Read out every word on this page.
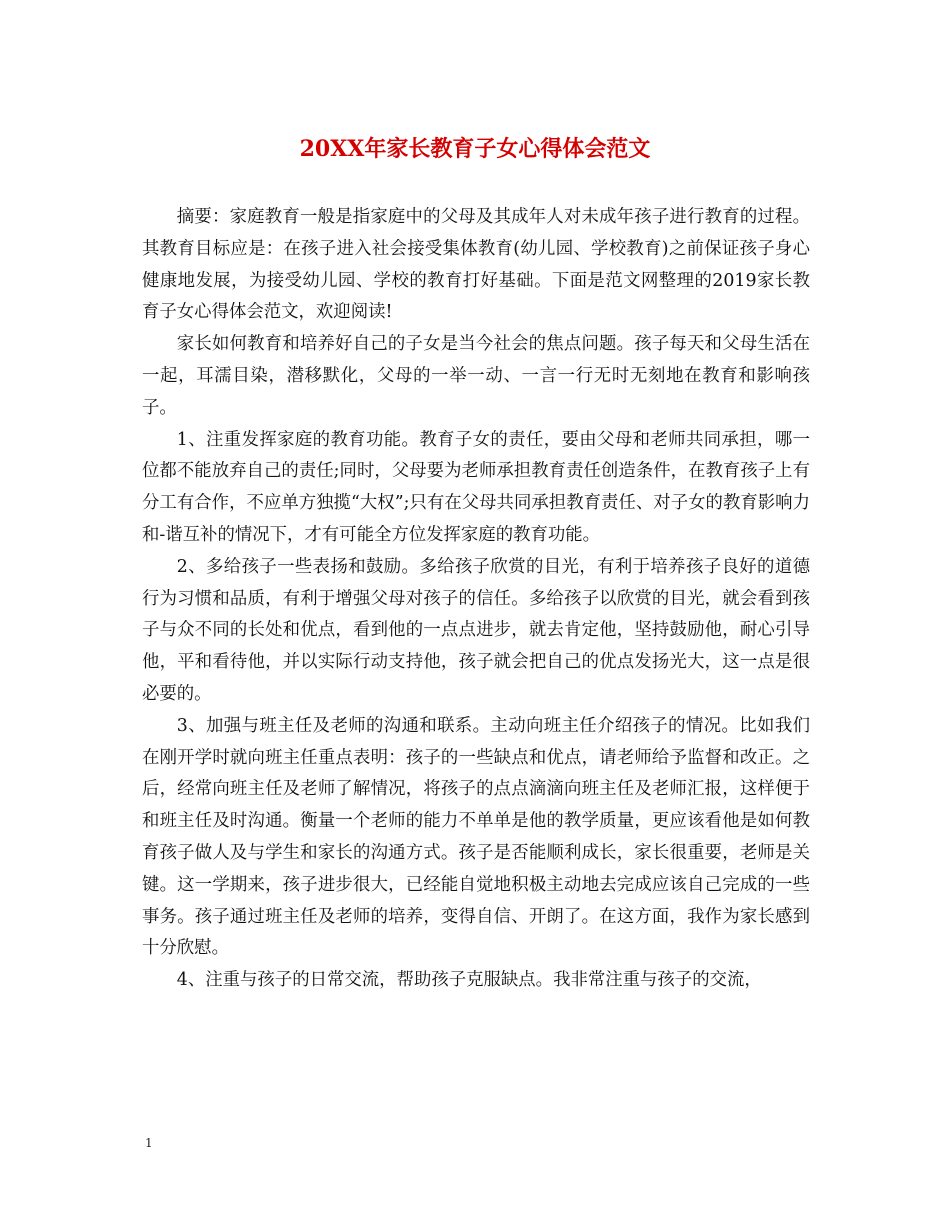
20XX年家长教育子女心得体会范文

摘要：家庭教育一般是指家庭中的父母及其成年人对未成年孩子进行教育的过程。其教育目标应是：在孩子进入社会接受集体教育(幼儿园、学校教育)之前保证孩子身心健康地发展，为接受幼儿园、学校的教育打好基础。下面是范文网整理的2019家长教育子女心得体会范文，欢迎阅读!

家长如何教育和培养好自己的子女是当今社会的焦点问题。孩子每天和父母生活在一起，耳濡目染，潜移默化，父母的一举一动、一言一行无时无刻地在教育和影响孩子。

1、注重发挥家庭的教育功能。教育子女的责任，要由父母和老师共同承担，哪一位都不能放弃自己的责任;同时，父母要为老师承担教育责任创造条件，在教育孩子上有分工有合作，不应单方独揽“大权”;只有在父母共同承担教育责任、对子女的教育影响力和-谐互补的情况下，才有可能全方位发挥家庭的教育功能。

2、多给孩子一些表扬和鼓励。多给孩子欣赏的目光，有利于培养孩子良好的道德行为习惯和品质，有利于增强父母对孩子的信任。多给孩子以欣赏的目光，就会看到孩子与众不同的长处和优点，看到他的一点点进步，就去肯定他，坚持鼓励他，耐心引导他，平和看待他，并以实际行动支持他，孩子就会把自己的优点发扬光大，这一点是很必要的。

3、加强与班主任及老师的沟通和联系。主动向班主任介绍孩子的情况。比如我们在刚开学时就向班主任重点表明：孩子的一些缺点和优点，请老师给予监督和改正。之后，经常向班主任及老师了解情况，将孩子的点点滴滴向班主任及老师汇报，这样便于和班主任及时沟通。衡量一个老师的能力不单单是他的教学质量，更应该看他是如何教育孩子做人及与学生和家长的沟通方式。孩子是否能顺利成长，家长很重要，老师是关键。这一学期来，孩子进步很大，已经能自觉地积极主动地去完成应该自己完成的一些事务。孩子通过班主任及老师的培养，变得自信、开朗了。在这方面，我作为家长感到十分欣慰。

4、注重与孩子的日常交流，帮助孩子克服缺点。我非常注重与孩子的交流，

1
